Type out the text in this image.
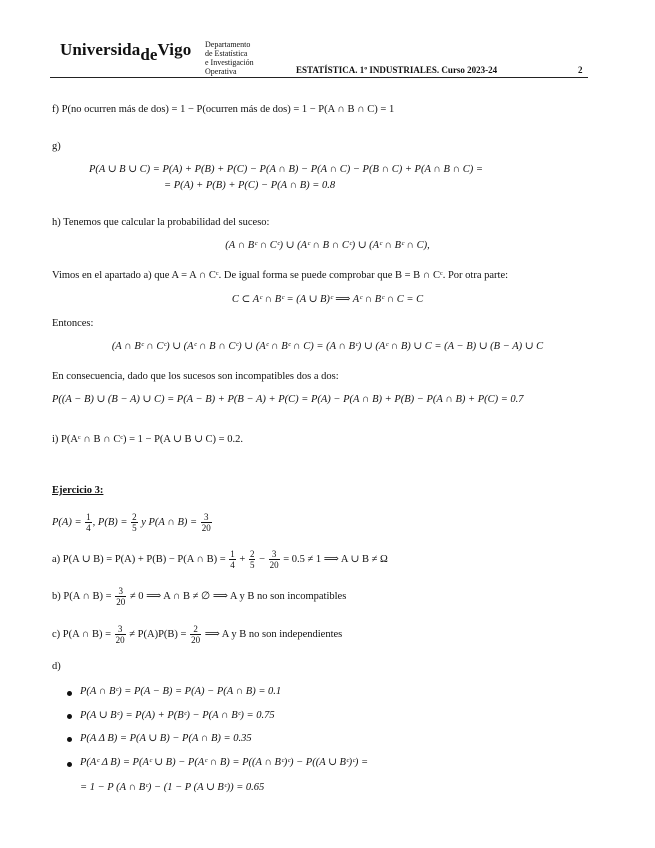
UniversidadeVigo Departamento
de Estatística
e Investigación
Operativa	ESTATÍSTICA. 1º INDUSTRIALES. Curso 2023-24	2
f) P(no ocurren más de dos) = 1 − P(ocurren más de dos) = 1 − P(A ∩ B ∩ C) = 1
g)
P(A ∪ B ∪ C) = P(A) + P(B) + P(C) − P(A ∩ B) − P(A ∩ C) − P(B ∩ C) + P(A ∩ B ∩ C) =
= P(A) + P(B) + P(C) − P(A ∩ B) = 0.8
h) Tenemos que calcular la probabilidad del suceso:
(A ∩ Bᶜ ∩ Cᶜ) ∪ (Aᶜ ∩ B ∩ Cᶜ) ∪ (Aᶜ ∩ Bᶜ ∩ C),
Vimos en el apartado a) que A = A ∩ Cᶜ. De igual forma se puede comprobar que B = B ∩ Cᶜ. Por otra parte:
C ⊂ Aᶜ ∩ Bᶜ = (A ∪ B)ᶜ ⟹ Aᶜ ∩ Bᶜ ∩ C = C
Entonces:
(A ∩ Bᶜ ∩ Cᶜ) ∪ (Aᶜ ∩ B ∩ Cᶜ) ∪ (Aᶜ ∩ Bᶜ ∩ C) = (A ∩ Bᶜ) ∪ (Aᶜ ∩ B) ∪ C = (A − B) ∪ (B − A) ∪ C
En consecuencia, dado que los sucesos son incompatibles dos a dos:
P((A − B) ∪ (B − A) ∪ C) = P(A − B) + P(B − A) + P(C) = P(A) − P(A ∩ B) + P(B) − P(A ∩ B) + P(C) = 0.7
i) P(Aᶜ ∩ B ∩ Cᶜ) = 1 − P(A ∪ B ∪ C) = 0.2.
Ejercicio 3:
$P(A) = \frac{1}{4}$ , $P(B) = \frac{2}{5}$ y P(A ∩ $B) = \frac{3}{20}$
a) P(A ∪ B) = P(A) + P(B) − P(A ∩ $B) = \frac{1}{4} + \frac{2}{5} - \frac{3}{20} = 0.5 \ne 1$ ⟹ A ∪ B ≠ Ω
b) P(A ∩ $B) = \frac{3}{20} \ne 0$ ⟹ A ∩ B ≠ ∅ ⟹ A y B no son incompatibles
c) P(A ∩ $B) = \frac{3}{20} \ne P(A)P(B) = \frac{2}{20}$ ⟹ A y B no son independientes
d)
P(A ∩ Bᶜ) = P(A − B) = P(A) − P(A ∩ B) = 0.1
P(A ∪ Bᶜ) = P(A) + P(Bᶜ) − P(A ∩ Bᶜ) = 0.75
P(A Δ B) = P(A ∪ B) − P(A ∩ B) = 0.35
P(Aᶜ Δ B) = P(Aᶜ ∪ B) − P(Aᶜ ∩ B) = P((A ∩ Bᶜ)ᶜ) − P((A ∪ Bᶜ)ᶜ) =
= 1 − P (A ∩ Bᶜ) − (1 − P (A ∪ Bᶜ)) = 0.65
